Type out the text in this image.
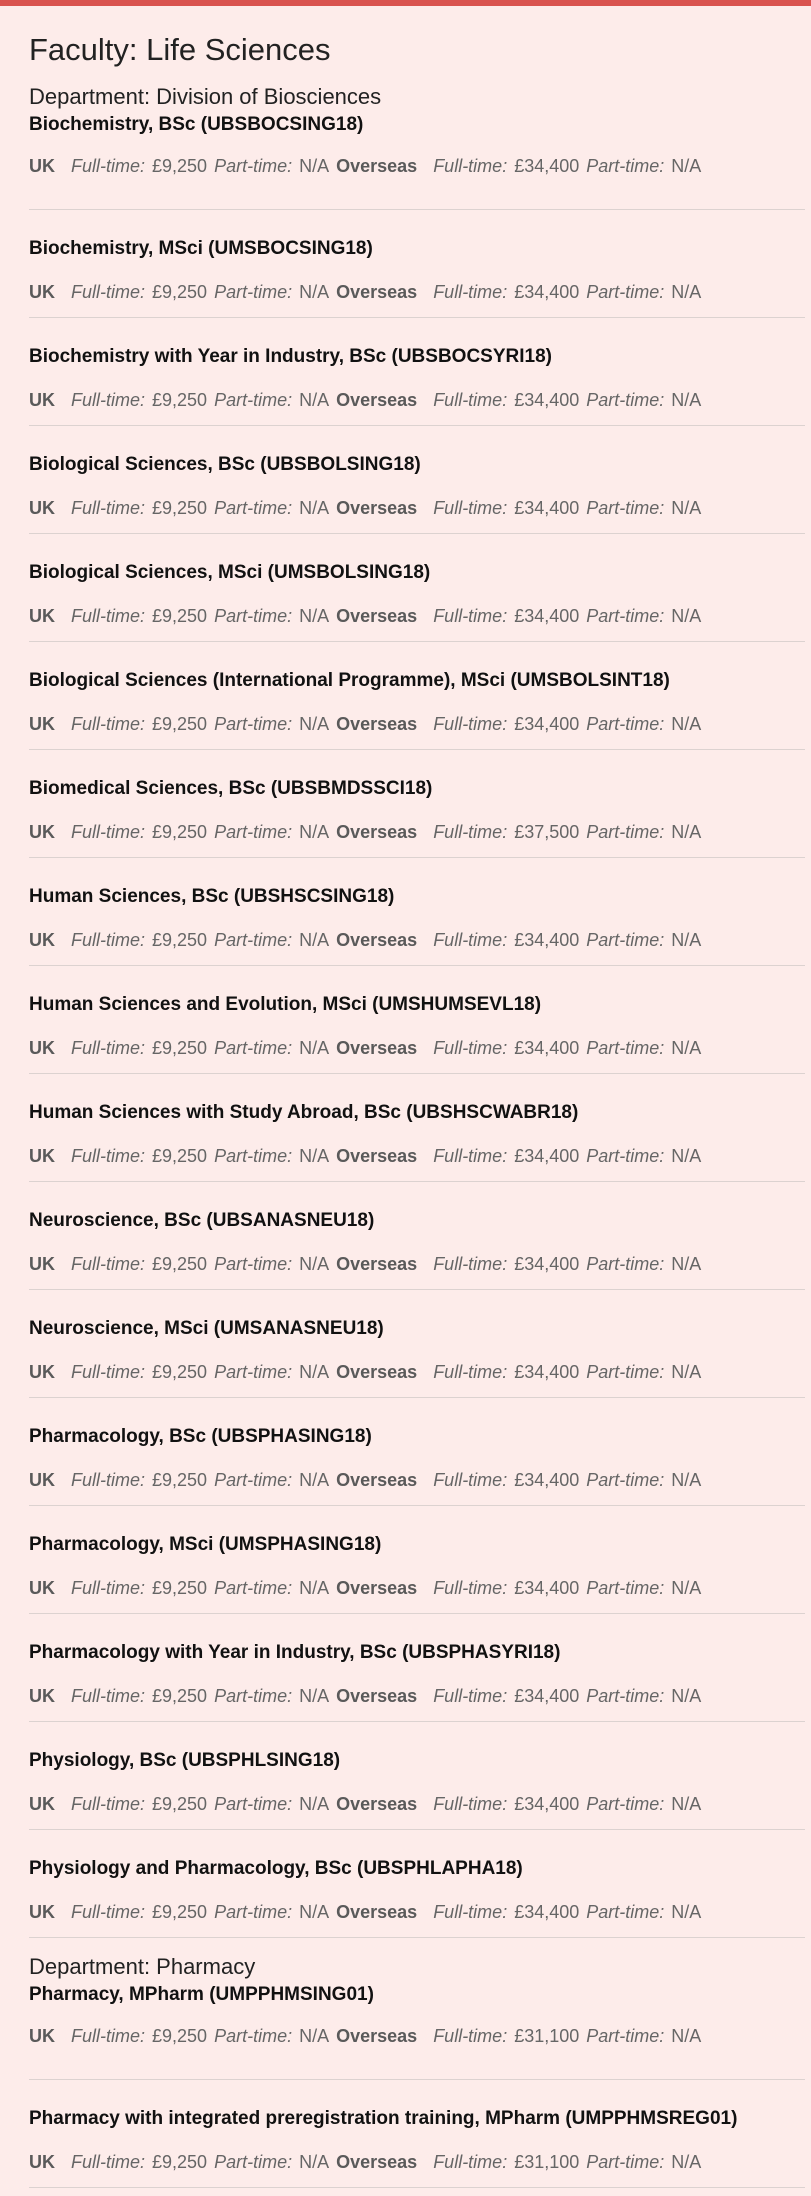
Faculty: Life Sciences
Department: Division of Biosciences
Biochemistry, BSc (UBSBOCSING18)
UK Full-time: £9,250 Part-time: N/A Overseas Full-time: £34,400 Part-time: N/A
Biochemistry, MSci (UMSBOCSING18)
UK Full-time: £9,250 Part-time: N/A Overseas Full-time: £34,400 Part-time: N/A
Biochemistry with Year in Industry, BSc (UBSBOCSYRI18)
UK Full-time: £9,250 Part-time: N/A Overseas Full-time: £34,400 Part-time: N/A
Biological Sciences, BSc (UBSBOLSING18)
UK Full-time: £9,250 Part-time: N/A Overseas Full-time: £34,400 Part-time: N/A
Biological Sciences, MSci (UMSBOLSING18)
UK Full-time: £9,250 Part-time: N/A Overseas Full-time: £34,400 Part-time: N/A
Biological Sciences (International Programme), MSci (UMSBOLSINT18)
UK Full-time: £9,250 Part-time: N/A Overseas Full-time: £34,400 Part-time: N/A
Biomedical Sciences, BSc (UBSBMDSSCI18)
UK Full-time: £9,250 Part-time: N/A Overseas Full-time: £37,500 Part-time: N/A
Human Sciences, BSc (UBSHSCSING18)
UK Full-time: £9,250 Part-time: N/A Overseas Full-time: £34,400 Part-time: N/A
Human Sciences and Evolution, MSci (UMSHUMSEVL18)
UK Full-time: £9,250 Part-time: N/A Overseas Full-time: £34,400 Part-time: N/A
Human Sciences with Study Abroad, BSc (UBSHSCWABR18)
UK Full-time: £9,250 Part-time: N/A Overseas Full-time: £34,400 Part-time: N/A
Neuroscience, BSc (UBSANASNEU18)
UK Full-time: £9,250 Part-time: N/A Overseas Full-time: £34,400 Part-time: N/A
Neuroscience, MSci (UMSANASNEU18)
UK Full-time: £9,250 Part-time: N/A Overseas Full-time: £34,400 Part-time: N/A
Pharmacology, BSc (UBSPHASING18)
UK Full-time: £9,250 Part-time: N/A Overseas Full-time: £34,400 Part-time: N/A
Pharmacology, MSci (UMSPHASING18)
UK Full-time: £9,250 Part-time: N/A Overseas Full-time: £34,400 Part-time: N/A
Pharmacology with Year in Industry, BSc (UBSPHASYRI18)
UK Full-time: £9,250 Part-time: N/A Overseas Full-time: £34,400 Part-time: N/A
Physiology, BSc (UBSPHLSING18)
UK Full-time: £9,250 Part-time: N/A Overseas Full-time: £34,400 Part-time: N/A
Physiology and Pharmacology, BSc (UBSPHLAPHA18)
UK Full-time: £9,250 Part-time: N/A Overseas Full-time: £34,400 Part-time: N/A
Department: Pharmacy
Pharmacy, MPharm (UMPPHMSING01)
UK Full-time: £9,250 Part-time: N/A Overseas Full-time: £31,100 Part-time: N/A
Pharmacy with integrated preregistration training, MPharm (UMPPHMSREG01)
UK Full-time: £9,250 Part-time: N/A Overseas Full-time: £31,100 Part-time: N/A
